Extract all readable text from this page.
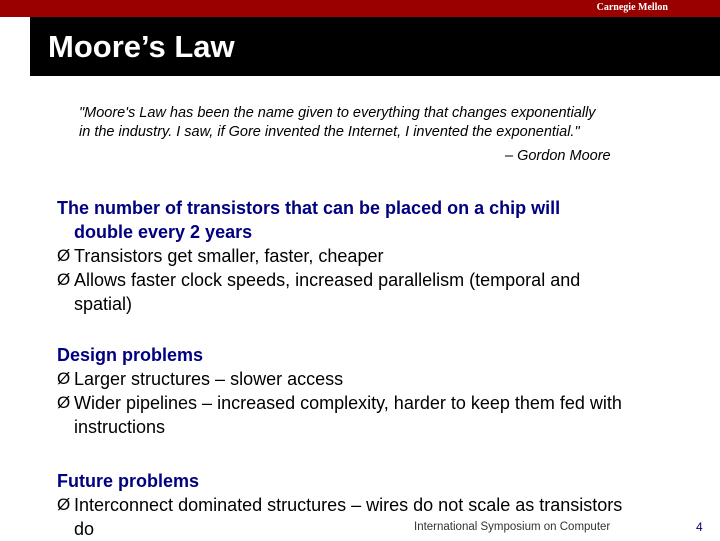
Carnegie Mellon
Moore’s Law
"Moore's Law has been the name given to everything that changes exponentially
in the industry. I saw, if Gore invented the Internet, I invented the exponential."
– Gordon Moore
The number of transistors that can be placed on a chip will
double every 2 years
Ø Transistors get smaller, faster, cheaper
Ø Allows faster clock speeds, increased parallelism (temporal and
spatial)
Design problems
Ø Larger structures – slower access
Ø Wider pipelines – increased complexity, harder to keep them fed with
instructions
Future problems
Ø Interconnect dominated structures – wires do not scale as transistors
do	International Symposium on Computer	4
